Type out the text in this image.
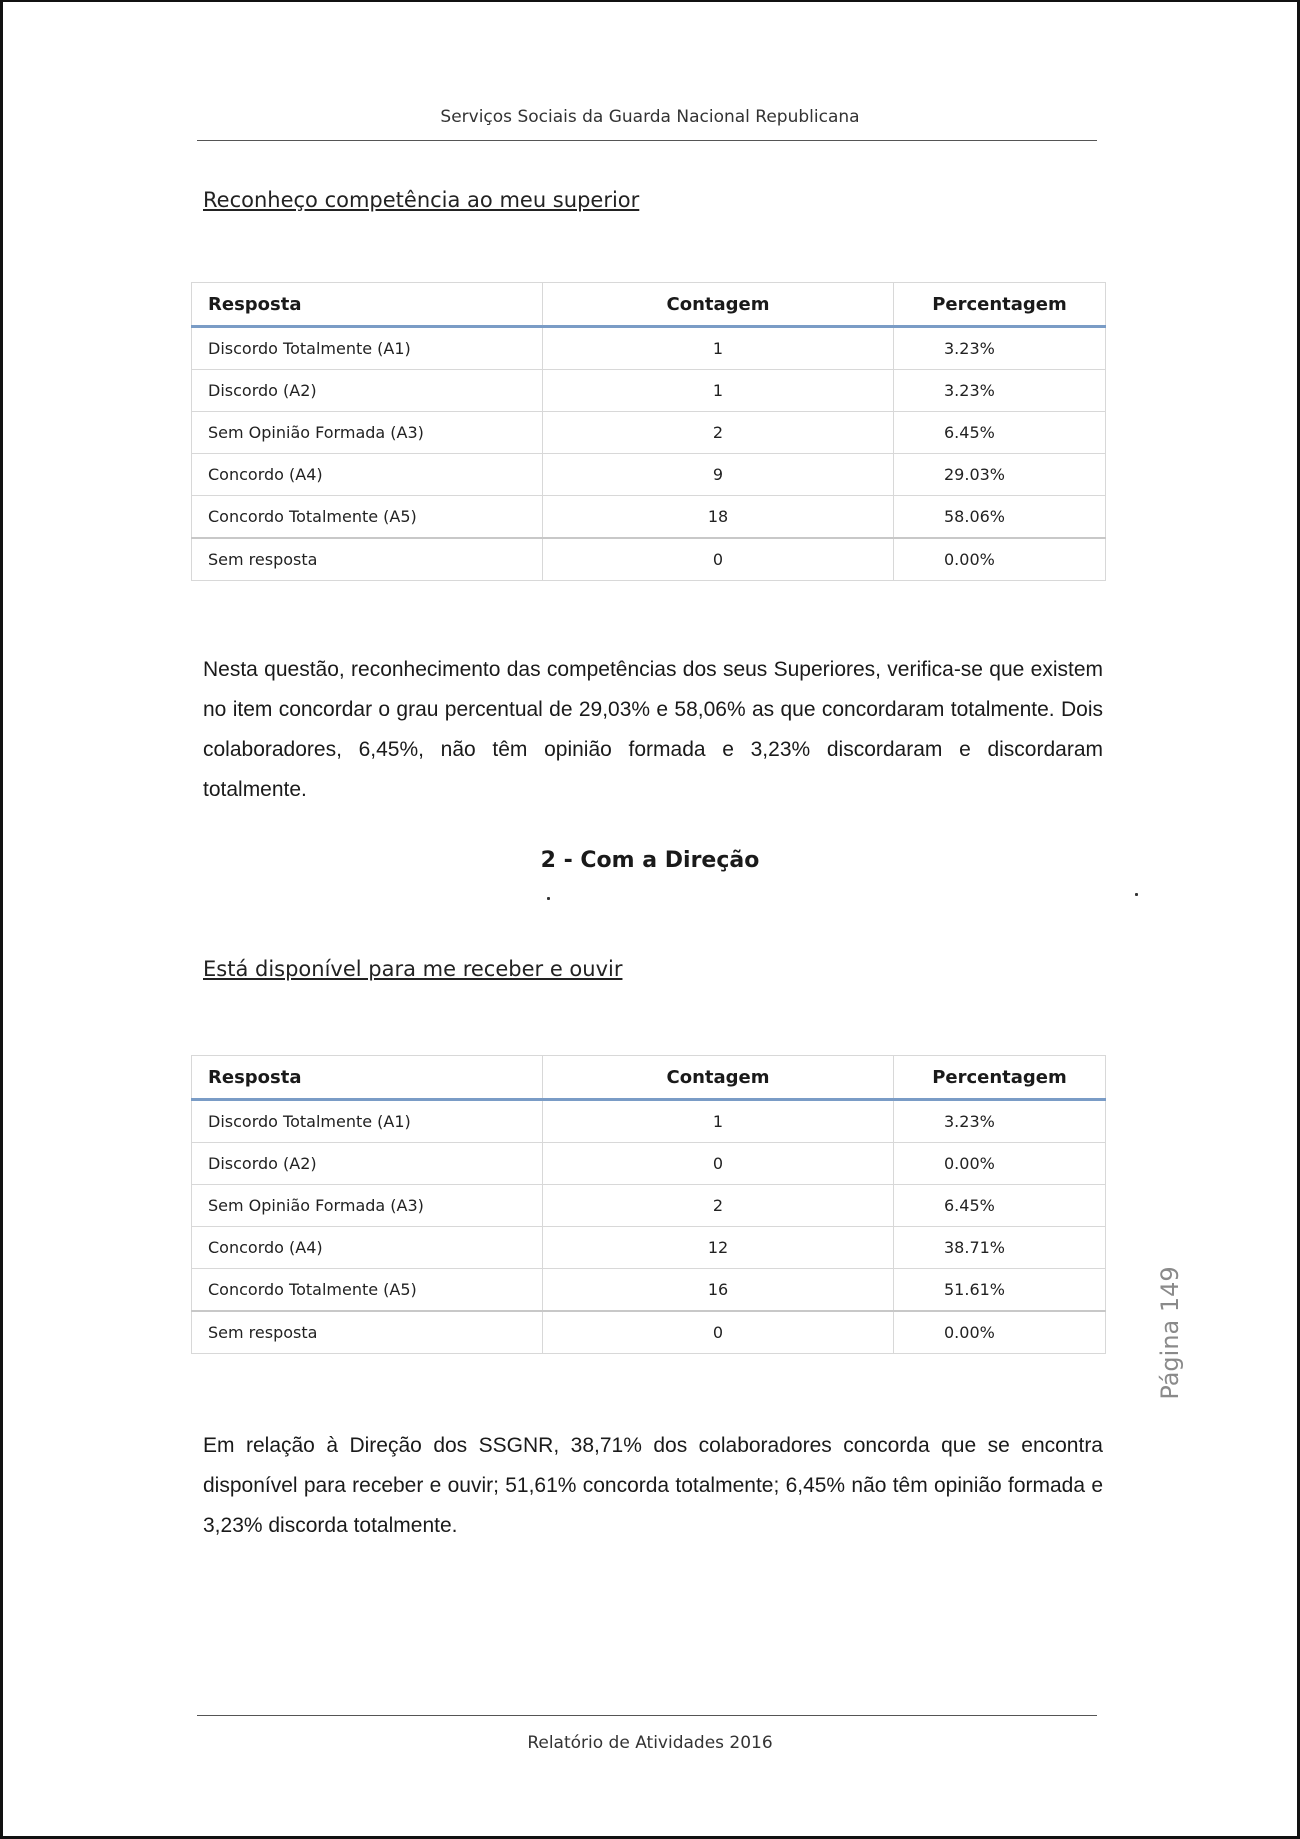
Serviços Sociais da Guarda Nacional Republicana
Reconheço competência ao meu superior
Resposta	Contagem	Percentagem
Discordo Totalmente (A1)	1	3.23%
Discordo (A2)	1	3.23%
Sem Opinião Formada (A3)	2	6.45%
Concordo (A4)	9	29.03%
Concordo Totalmente (A5)	18	58.06%
Sem resposta	0	0.00%

Nesta questão, reconhecimento das competências dos seus Superiores, verifica-se que existem no item concordar o grau percentual de 29,03% e 58,06% as que concordaram totalmente. Dois colaboradores, 6,45%, não têm opinião formada e 3,23% discordaram e discordaram totalmente.

2 - Com a Direção
Está disponível para me receber e ouvir
Resposta	Contagem	Percentagem
Discordo Totalmente (A1)	1	3.23%
Discordo (A2)	0	0.00%
Sem Opinião Formada (A3)	2	6.45%
Concordo (A4)	12	38.71%
Concordo Totalmente (A5)	16	51.61%
Sem resposta	0	0.00%

Em relação à Direção dos SSGNR, 38,71% dos colaboradores concorda que se encontra disponível para receber e ouvir; 51,61% concorda totalmente; 6,45% não têm opinião formada e 3,23% discorda totalmente.

Página 149
Relatório de Atividades 2016
